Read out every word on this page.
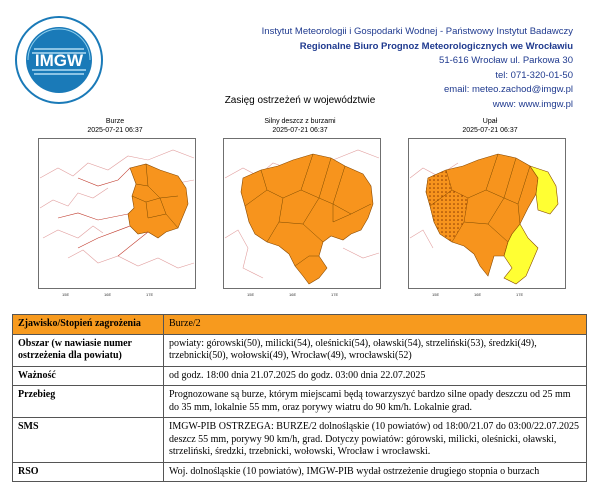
IMGW
Instytut Meteorologii i Gospodarki Wodnej - Państwowy Instytut Badawczy
Regionalne Biuro Prognoz Meteorologicznych we Wrocławiu
51-616 Wrocław ul. Parkowa 30
tel: 071-320-01-50
email: meteo.zachod@imgw.pl
www: www.imgw.pl
Zasięg ostrzeżeń w województwie
Burze
2025-07-21 06:37
Silny deszcz z burzami
2025-07-21 06:37
Upał
2025-07-21 06:37
15E	16E	17E	15E	16E	17E	15E	16E	17E
Zjawisko/Stopień zagrożenia	Burze/2
Obszar (w nawiasie numer ostrzeżenia dla powiatu)	powiaty: górowski(50), milicki(54), oleśnicki(54), oławski(54), strzeliński(53), średzki(49), trzebnicki(50), wołowski(49), Wrocław(49), wrocławski(52)
Ważność	od godz. 18:00 dnia 21.07.2025 do godz. 03:00 dnia 22.07.2025
Przebieg	Prognozowane są burze, którym miejscami będą towarzyszyć bardzo silne opady deszczu od 25 mm do 35 mm, lokalnie 55 mm, oraz porywy wiatru do 90 km/h. Lokalnie grad.
SMS	IMGW-PIB OSTRZEGA: BURZE/2 dolnośląskie (10 powiatów) od 18:00/21.07 do 03:00/22.07.2025 deszcz 55 mm, porywy 90 km/h, grad. Dotyczy powiatów: górowski, milicki, oleśnicki, oławski, strzeliński, średzki, trzebnicki, wołowski, Wrocław i wrocławski.
RSO	Woj. dolnośląskie (10 powiatów), IMGW-PIB wydał ostrzeżenie drugiego stopnia o burzach
